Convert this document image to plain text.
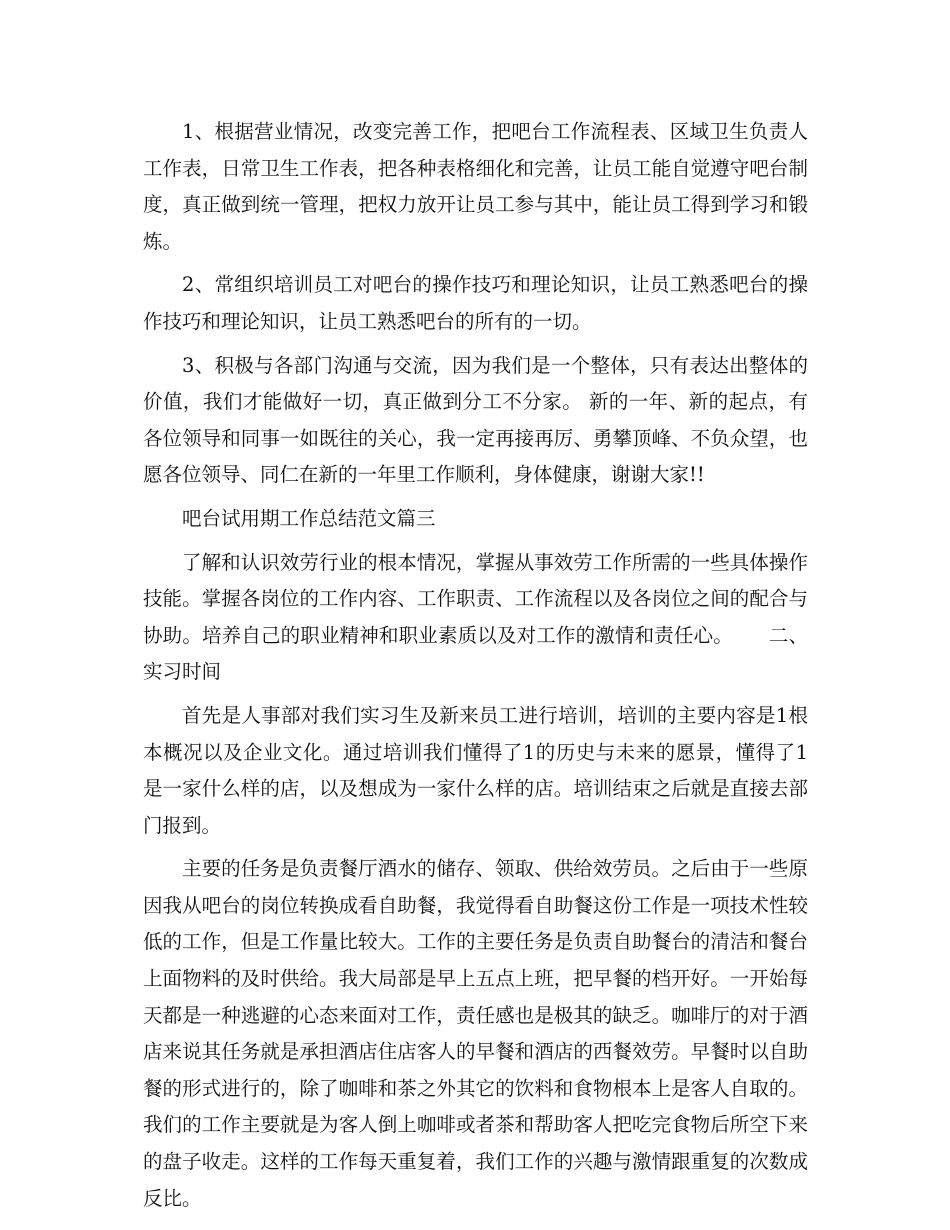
1、根据营业情况，改变完善工作，把吧台工作流程表、区域卫生负责人工作表，日常卫生工作表，把各种表格细化和完善，让员工能自觉遵守吧台制度，真正做到统一管理，把权力放开让员工参与其中，能让员工得到学习和锻炼。

2、常组织培训员工对吧台的操作技巧和理论知识，让员工熟悉吧台的操作技巧和理论知识，让员工熟悉吧台的所有的一切。

3、积极与各部门沟通与交流，因为我们是一个整体，只有表达出整体的价值，我们才能做好一切，真正做到分工不分家。 新的一年、新的起点，有各位领导和同事一如既往的关心，我一定再接再厉、勇攀顶峰、不负众望，也愿各位领导、同仁在新的一年里工作顺利，身体健康，谢谢大家!!

吧台试用期工作总结范文篇三

了解和认识效劳行业的根本情况，掌握从事效劳工作所需的一些具体操作技能。掌握各岗位的工作内容、工作职责、工作流程以及各岗位之间的配合与协助。培养自己的职业精神和职业素质以及对工作的激情和责任心。　　 二、实习时间

首先是人事部对我们实习生及新来员工进行培训，培训的主要内容是1根本概况以及企业文化。通过培训我们懂得了1的历史与未来的愿景，懂得了1是一家什么样的店，以及想成为一家什么样的店。培训结束之后就是直接去部门报到。

主要的任务是负责餐厅酒水的储存、领取、供给效劳员。之后由于一些原因我从吧台的岗位转换成看自助餐，我觉得看自助餐这份工作是一项技术性较低的工作，但是工作量比较大。工作的主要任务是负责自助餐台的清洁和餐台上面物料的及时供给。我大局部是早上五点上班，把早餐的档开好。一开始每天都是一种逃避的心态来面对工作，责任感也是极其的缺乏。咖啡厅的对于酒店来说其任务就是承担酒店住店客人的早餐和酒店的西餐效劳。早餐时以自助餐的形式进行的，除了咖啡和茶之外其它的饮料和食物根本上是客人自取的。我们的工作主要就是为客人倒上咖啡或者茶和帮助客人把吃完食物后所空下来的盘子收走。这样的工作每天重复着，我们工作的兴趣与激情跟重复的次数成反比。
